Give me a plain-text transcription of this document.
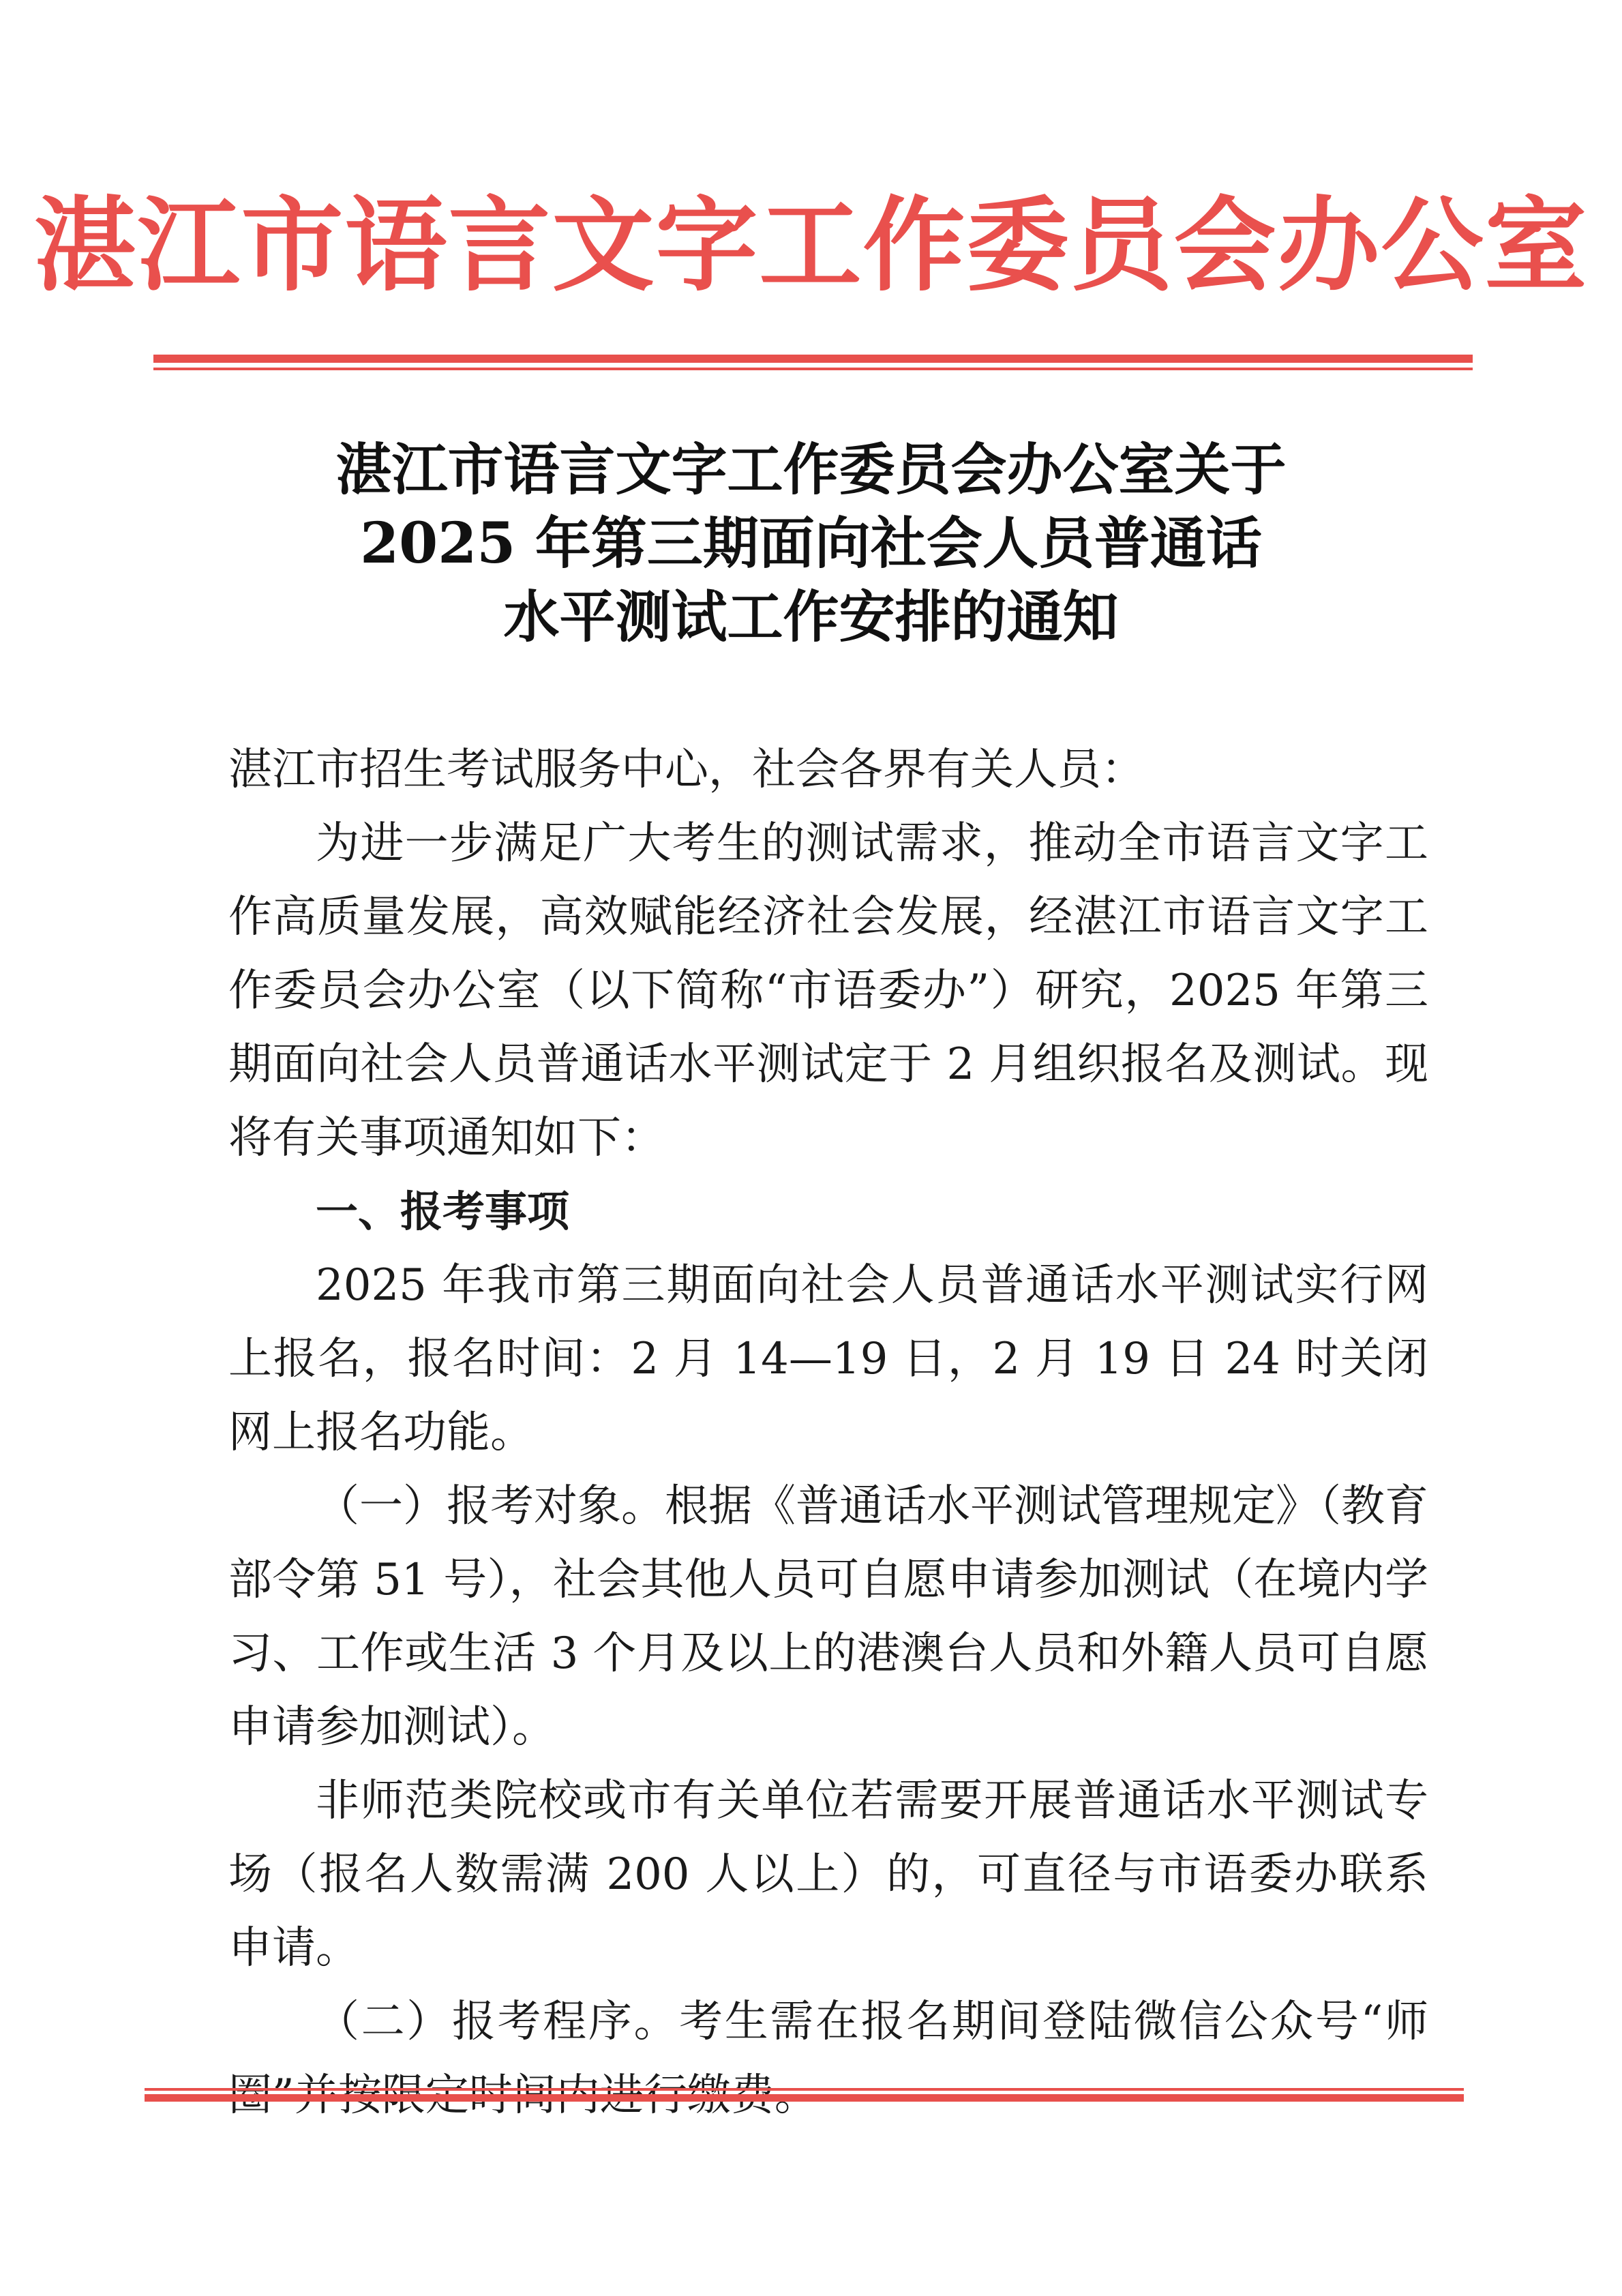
湛江市语言文字工作委员会办公室
湛江市语言文字工作委员会办公室关于
2025 年第三期面向社会人员普通话
水平测试工作安排的通知

湛江市招生考试服务中心，社会各界有关人员：

为进一步满足广大考生的测试需求，推动全市语言文字工作高质量发展，高效赋能经济社会发展，经湛江市语言文字工作委员会办公室（以下简称“市语委办”）研究，2025 年第三期面向社会人员普通话水平测试定于 2 月组织报名及测试。现将有关事项通知如下：

一、报考事项

2025 年我市第三期面向社会人员普通话水平测试实行网上报名，报名时间：2 月 14—19 日，2 月 19 日 24 时关闭网上报名功能。

（一）报考对象。根据《普通话水平测试管理规定》（教育部令第 51 号），社会其他人员可自愿申请参加测试（在境内学习、工作或生活 3 个月及以上的港澳台人员和外籍人员可自愿申请参加测试）。

非师范类院校或市有关单位若需要开展普通话水平测试专场（报名人数需满 200 人以上）的，可直径与市语委办联系申请。

（二）报考程序。考生需在报名期间登陆微信公众号“师
